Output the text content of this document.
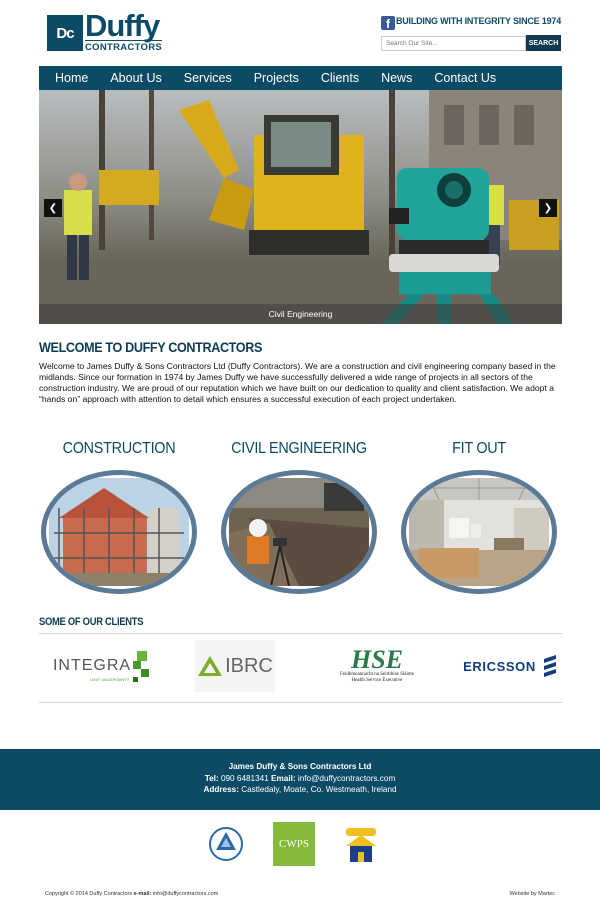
Dc Duffy
CONTRACTORS
f BUILDING WITH INTEGRITY SINCE 1974
Search Our Site...
SEARCH
Home	About Us	Services	Projects	Clients	News	Contact Us
❮	❯
Civil Engineering
WELCOME TO DUFFY CONTRACTORS
Welcome to James Duffy & Sons Contractors Ltd (Duffy Contractors). We are a construction and civil engineering company based in the midlands. Since our formation in 1974 by James Duffy we have successfully delivered a wide range of projects in all sectors of the construction industry. We are proud of our reputation which we have built on our dedication to quality and client satisfaction. We adopt a “hands on” approach with attention to detail which ensures a successful execution of each project undertaken.
CONSTRUCTION	CIVIL ENGINEERING	FIT OUT
SOME OF OUR CLIENTS
INTEGRA
LIMIT UNCERTAINTY
IBRC	HSE
Feidhmeannacht na Seirbhíse Sláinte
Health Service Executive
ERICSSON
James Duffy & Sons Contractors Ltd
Tel: 090 6481341 Email: info@duffycontractors.com
Address: Castledaly, Moate, Co. Westmeath, Ireland
CWPS
Copyright © 2014 Duffy Contractors e-mail: info@duffycontractors.com	Website by Martec
